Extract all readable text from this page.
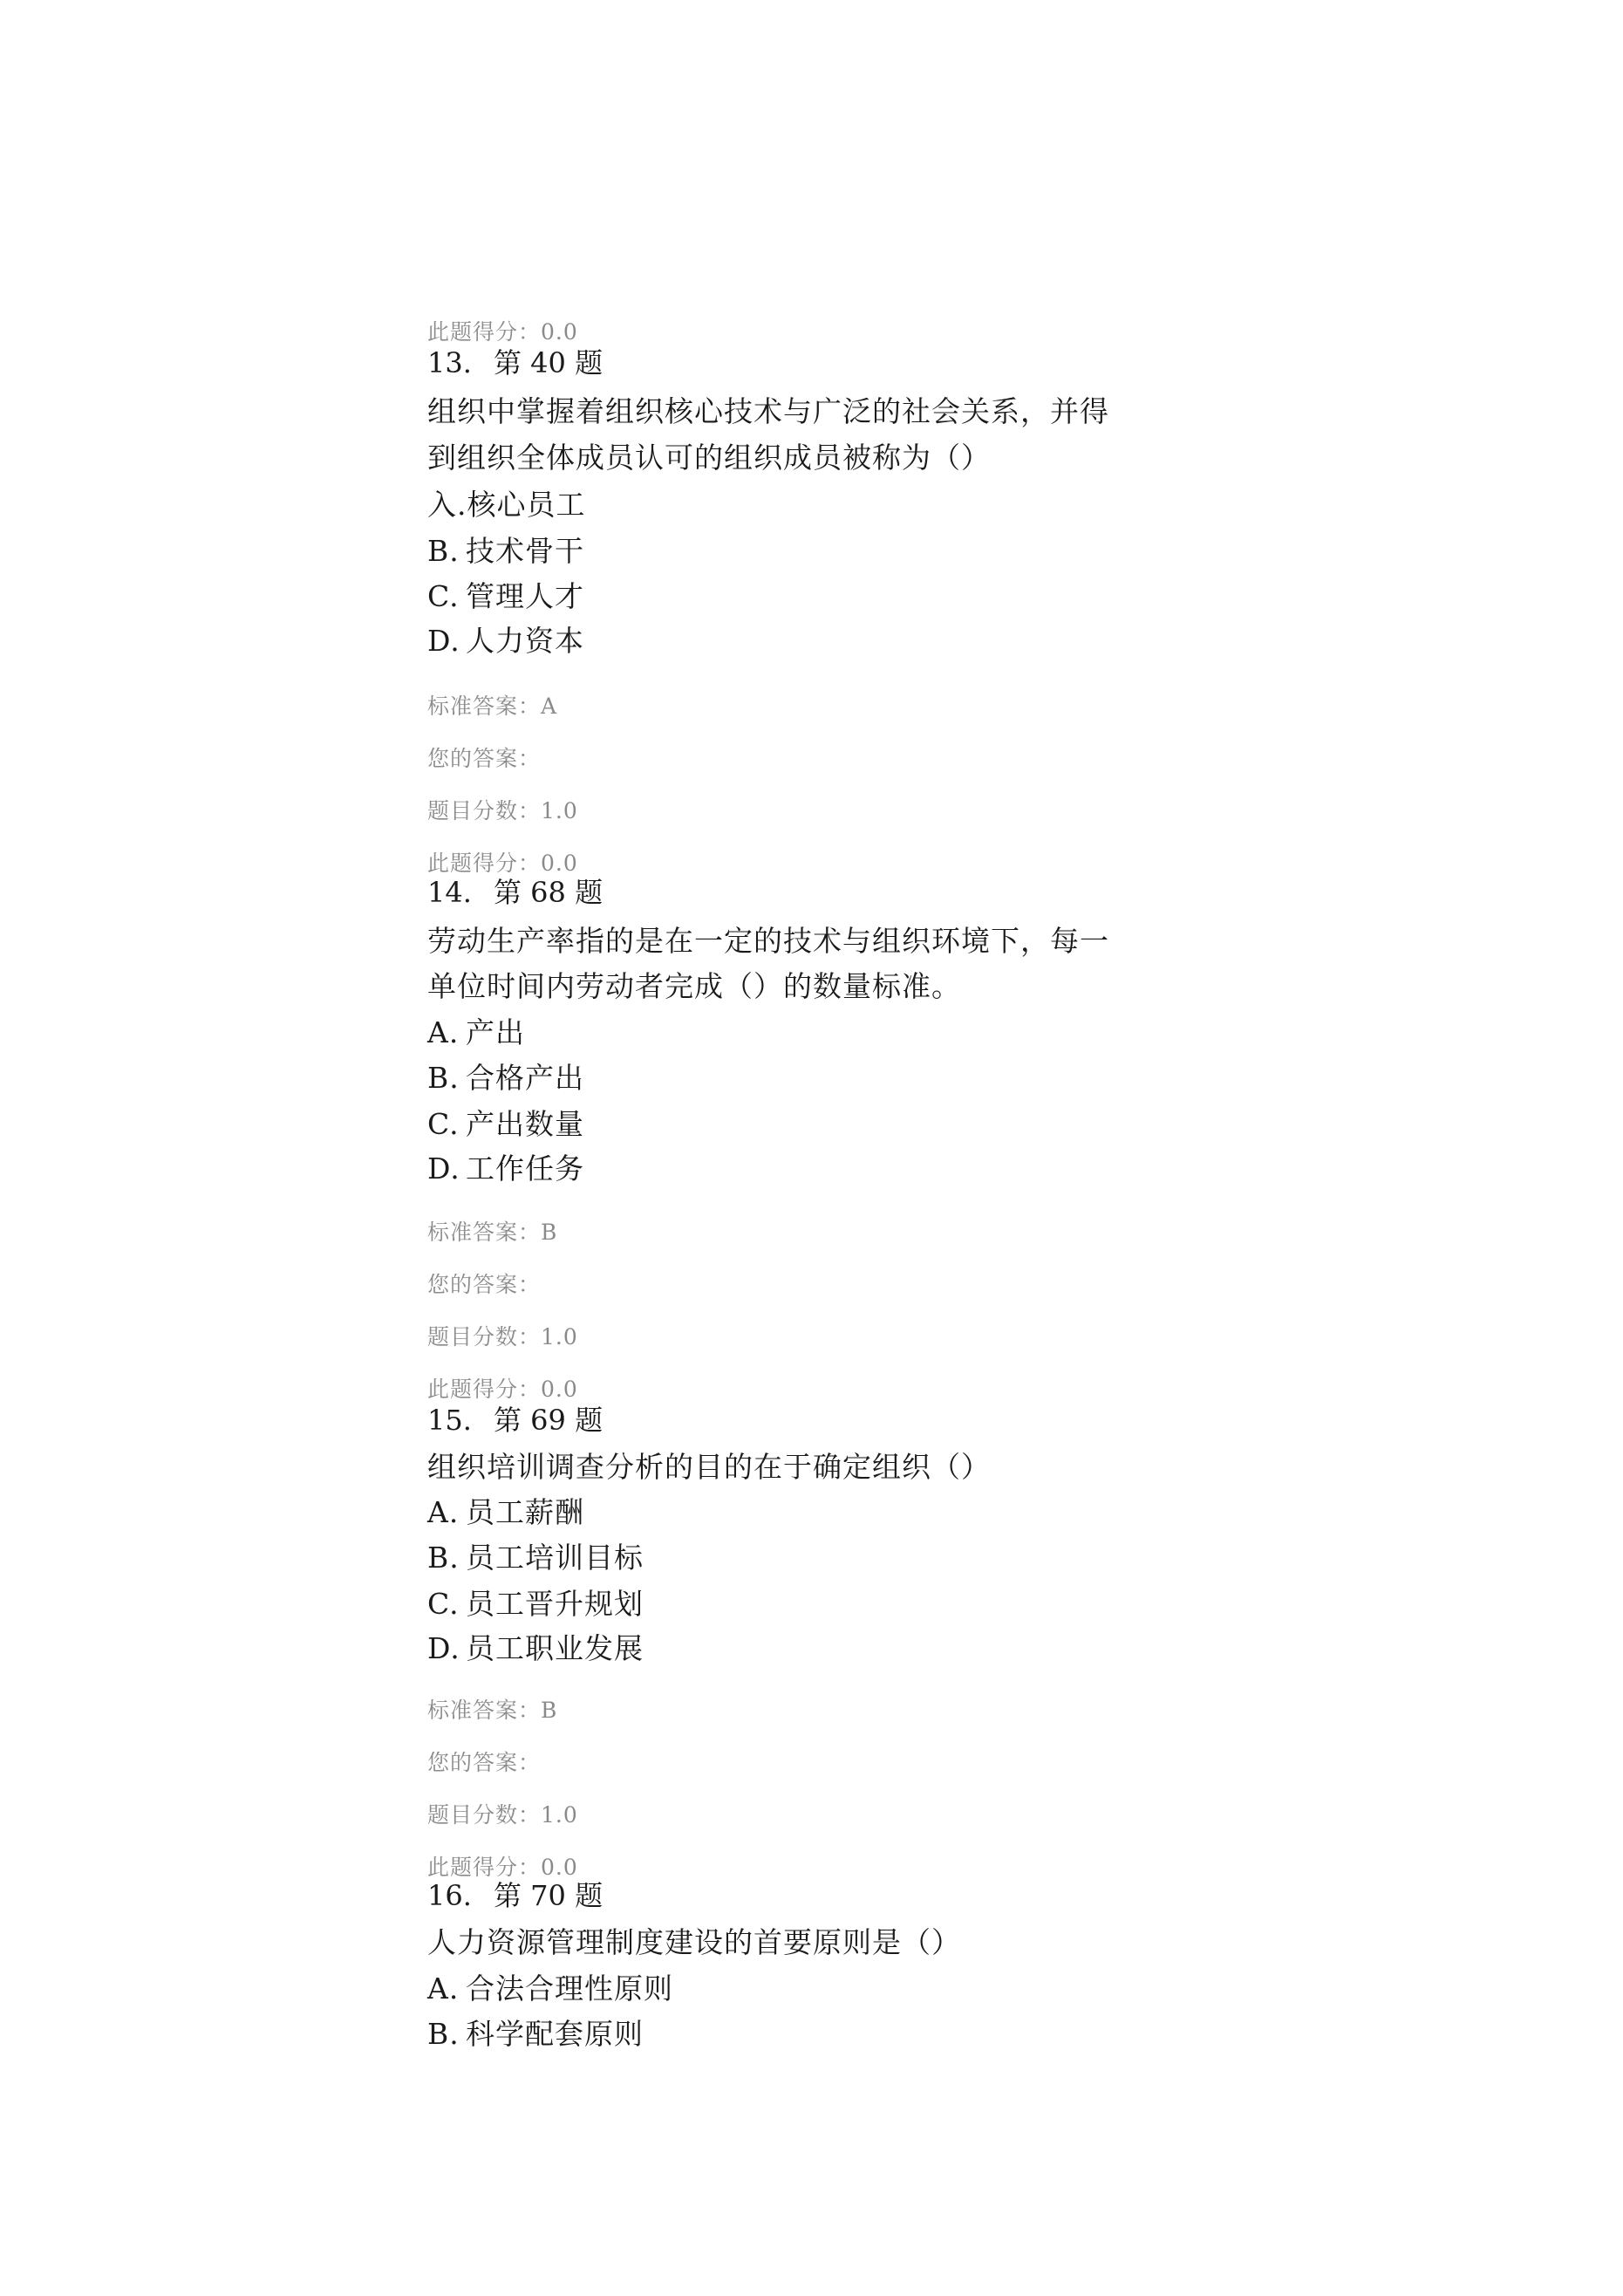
此题得分：0.0
13. 第 40 题
组织中掌握着组织核心技术与广泛的社会关系，并得
到组织全体成员认可的组织成员被称为（）
入.核心员工
B. 技术骨干
C. 管理人才
D. 人力资本
标准答案：A
您的答案：
题目分数：1.0
此题得分：0.0
14. 第 68 题
劳动生产率指的是在一定的技术与组织环境下，每一
单位时间内劳动者完成（）的数量标准。
A. 产出
B. 合格产出
C. 产出数量
D. 工作任务
标准答案：B
您的答案：
题目分数：1.0
此题得分：0.0
15. 第 69 题
组织培训调查分析的目的在于确定组织（）
A. 员工薪酬
B. 员工培训目标
C. 员工晋升规划
D. 员工职业发展
标准答案：B
您的答案：
题目分数：1.0
此题得分：0.0
16. 第 70 题
人力资源管理制度建设的首要原则是（）
A. 合法合理性原则
B. 科学配套原则
